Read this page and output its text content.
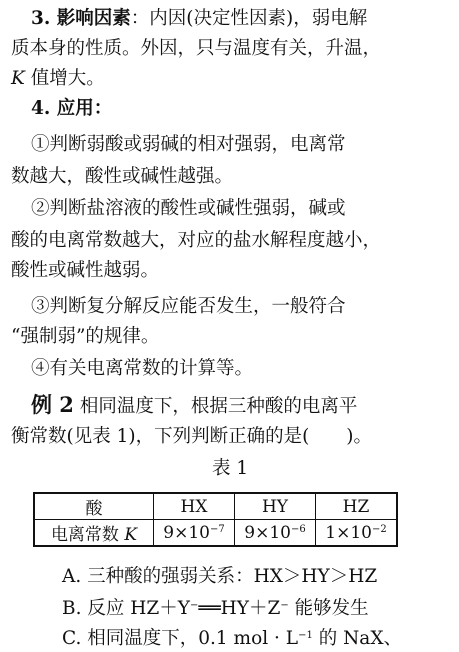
3. 影响因素：内因(决定性因素)，弱电解
质本身的性质。外因，只与温度有关，升温，
K 值增大。
4. 应用：
①判断弱酸或弱碱的相对强弱，电离常
数越大，酸性或碱性越强。
②判断盐溶液的酸性或碱性强弱，碱或
酸的电离常数越大，对应的盐水解程度越小，
酸性或碱性越弱。
③判断复分解反应能否发生，一般符合
“强制弱”的规律。
④有关电离常数的计算等。
例 2 相同温度下，根据三种酸的电离平
衡常数(见表 1)，下列判断正确的是(　　)。
表 1
酸	HX	HY	HZ
电离常数 K	$9\times 10^{-7}$	$9\times 10^{-6}$	$1\times 10^{-2}$
A. 三种酸的强弱关系：HX＞HY＞HZ
B. 反应 HZ＋Y−══HY＋Z− 能够发生
C. 相同温度下，0.1 mol · $L^{-1}$ 的 NaX、
